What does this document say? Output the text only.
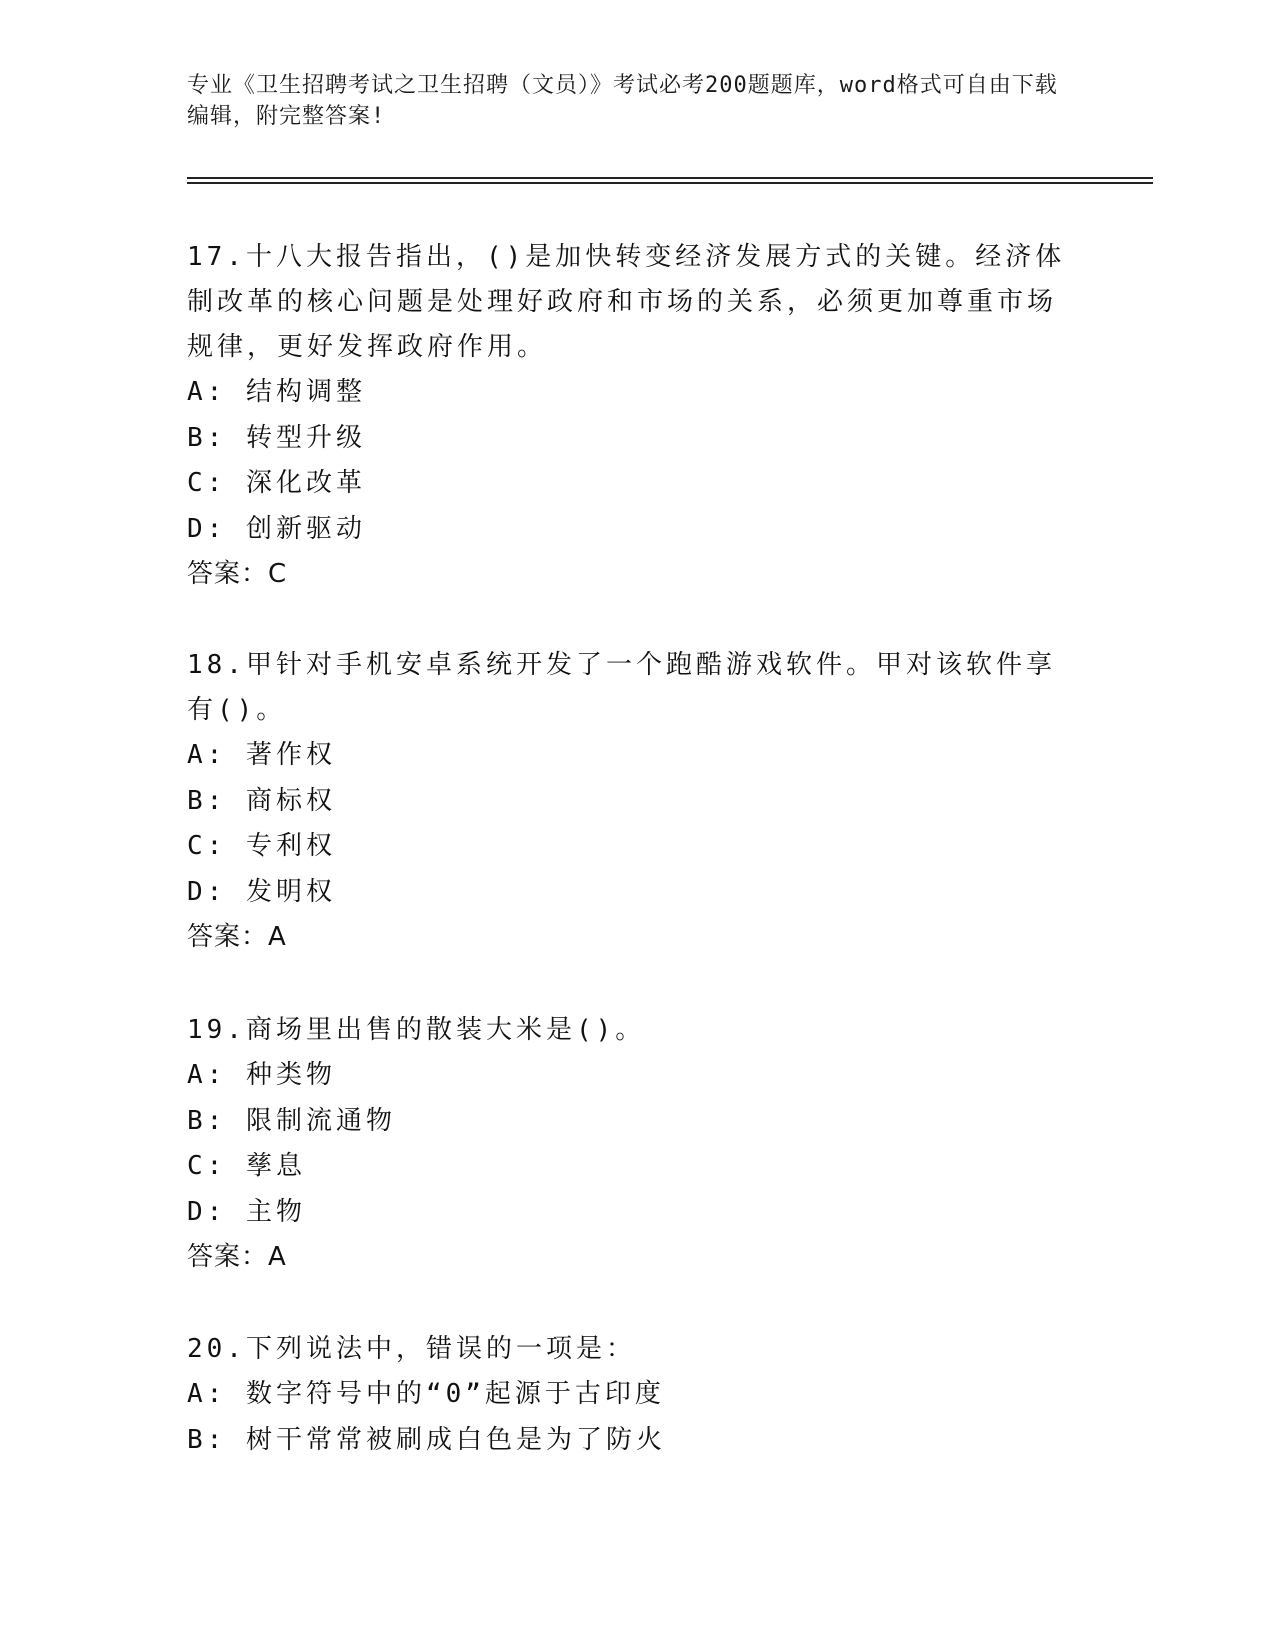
专业《卫生招聘考试之卫生招聘（文员）》考试必考200题题库，word格式可自由下载编辑，附完整答案!

17.十八大报告指出，()是加快转变经济发展方式的关键。经济体制改革的核心问题是处理好政府和市场的关系，必须更加尊重市场规律，更好发挥政府作用。

A: 结构调整

B: 转型升级

C: 深化改革

D: 创新驱动

答案：C

18.甲针对手机安卓系统开发了一个跑酷游戏软件。甲对该软件享有()。

A: 著作权

B: 商标权

C: 专利权

D: 发明权

答案：A

19.商场里出售的散装大米是()。

A: 种类物

B: 限制流通物

C: 孳息

D: 主物

答案：A

20.下列说法中，错误的一项是：

A: 数字符号中的“0”起源于古印度

B: 树干常常被刷成白色是为了防火
